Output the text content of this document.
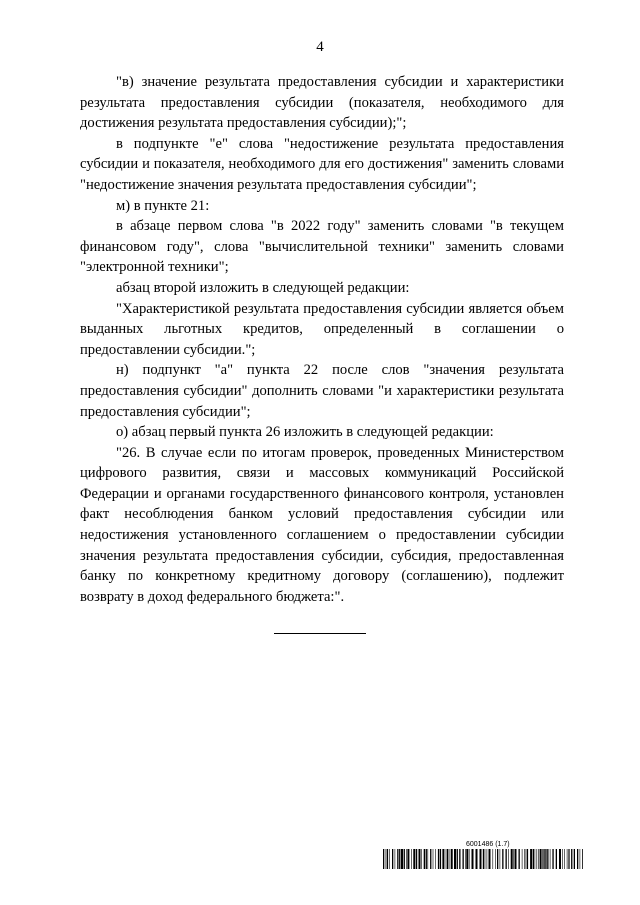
4

"в) значение результата предоставления субсидии и характеристики результата предоставления субсидии (показателя, необходимого для достижения результата предоставления субсидии);";

в подпункте "е" слова "недостижение результата предоставления субсидии и показателя, необходимого для его достижения" заменить словами "недостижение значения результата предоставления субсидии";

м) в пункте 21:

в абзаце первом слова "в 2022 году" заменить словами "в текущем финансовом году", слова "вычислительной техники" заменить словами "электронной техники";

абзац второй изложить в следующей редакции:

"Характеристикой результата предоставления субсидии является объем выданных льготных кредитов, определенный в соглашении о предоставлении субсидии.";

н) подпункт "а" пункта 22 после слов "значения результата предоставления субсидии" дополнить словами "и характеристики результата предоставления субсидии";

о) абзац первый пункта 26 изложить в следующей редакции:

"26. В случае если по итогам проверок, проведенных Министерством цифрового развития, связи и массовых коммуникаций Российской Федерации и органами государственного финансового контроля, установлен факт несоблюдения банком условий предоставления субсидии или недостижения установленного соглашением о предоставлении субсидии значения результата предоставления субсидии, субсидия, предоставленная банку по конкретному кредитному договору (соглашению), подлежит возврату в доход федерального бюджета:".

6001486 (1.7)
